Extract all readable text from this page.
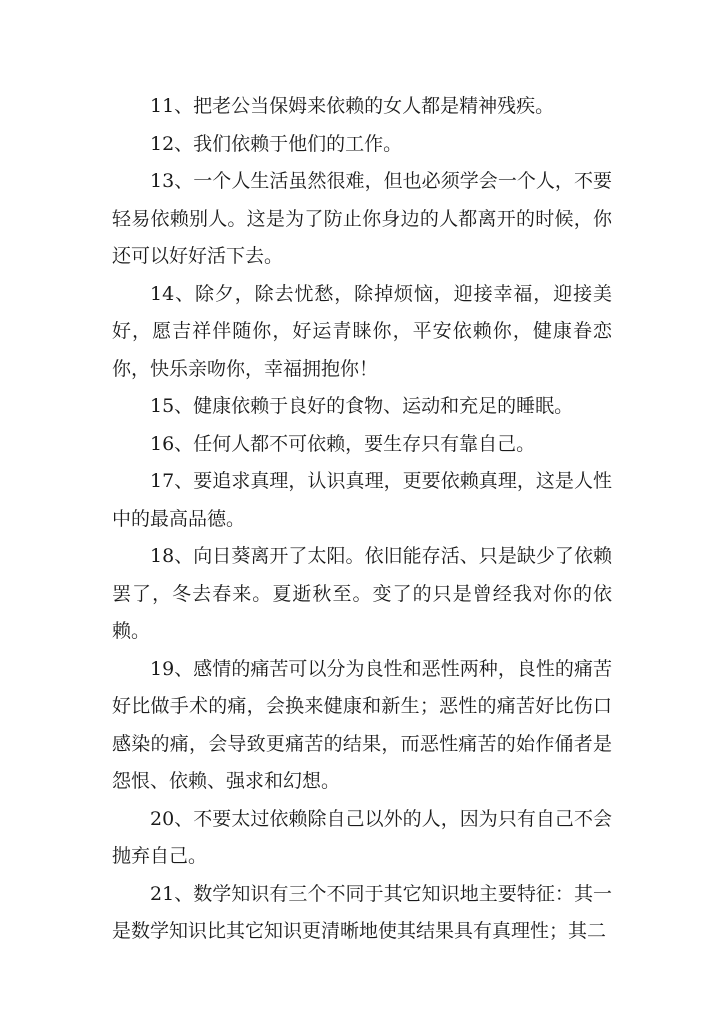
11、把老公当保姆来依赖的女人都是精神残疾。

12、我们依赖于他们的工作。

13、一个人生活虽然很难，但也必须学会一个人，不要轻易依赖别人。这是为了防止你身边的人都离开的时候，你还可以好好活下去。

14、除夕，除去忧愁，除掉烦恼，迎接幸福，迎接美好，愿吉祥伴随你，好运青睐你，平安依赖你，健康眷恋你，快乐亲吻你，幸福拥抱你！

15、健康依赖于良好的食物、运动和充足的睡眠。

16、任何人都不可依赖，要生存只有靠自己。

17、要追求真理，认识真理，更要依赖真理，这是人性中的最高品德。

18、向日葵离开了太阳。依旧能存活、只是缺少了依赖罢了，冬去春来。夏逝秋至。变了的只是曾经我对你的依赖。

19、感情的痛苦可以分为良性和恶性两种，良性的痛苦好比做手术的痛，会换来健康和新生；恶性的痛苦好比伤口感染的痛，会导致更痛苦的结果，而恶性痛苦的始作俑者是怨恨、依赖、强求和幻想。

20、不要太过依赖除自己以外的人，因为只有自己不会抛弃自己。

21、数学知识有三个不同于其它知识地主要特征：其一是数学知识比其它知识更清晰地使其结果具有真理性；其二
